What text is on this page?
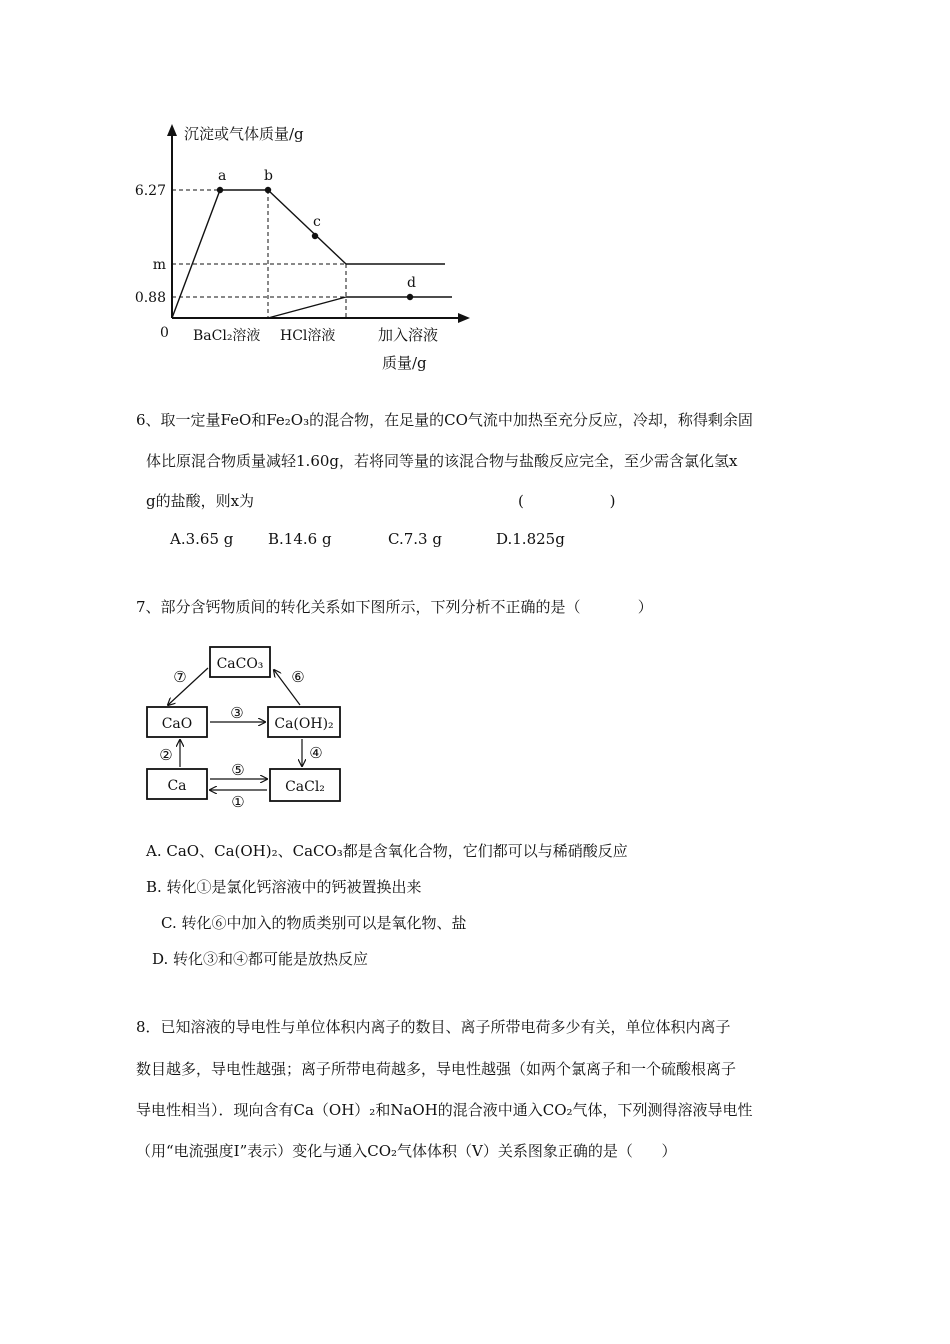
沉淀或气体质量/g
6.27
m
0.88
0
a	b
c
d
BaCl₂溶液 HCl溶液	加入溶液
质量/g
6、取一定量FeO和Fe₂O₃的混合物，在足量的CO气流中加热至充分反应，冷却，称得剩余固
体比原混合物质量减轻1.60g，若将同等量的该混合物与盐酸反应完全，至少需含氯化氢x
g的盐酸，则x为	(                  )
A.3.65 g B.14.6 g	C.7.3 g	D.1.825g
7、部分含钙物质间的转化关系如下图所示，下列分析不正确的是（            ）
CaCO₃
CaO	Ca(OH)₂
Ca	CaCl₂
⑦	⑥
③
②	④
⑤
①
A. CaO、Ca(OH)₂、CaCO₃都是含氧化合物，它们都可以与稀硝酸反应
B. 转化①是氯化钙溶液中的钙被置换出来
C. 转化⑥中加入的物质类别可以是氧化物、盐
D. 转化③和④都可能是放热反应
8．已知溶液的导电性与单位体积内离子的数目、离子所带电荷多少有关，单位体积内离子
数目越多，导电性越强；离子所带电荷越多，导电性越强（如两个氯离子和一个硫酸根离子
导电性相当）．现向含有Ca（OH）₂和NaOH的混合液中通入CO₂气体，下列测得溶液导电性
（用“电流强度I”表示）变化与通入CO₂气体体积（V）关系图象正确的是（      ）
